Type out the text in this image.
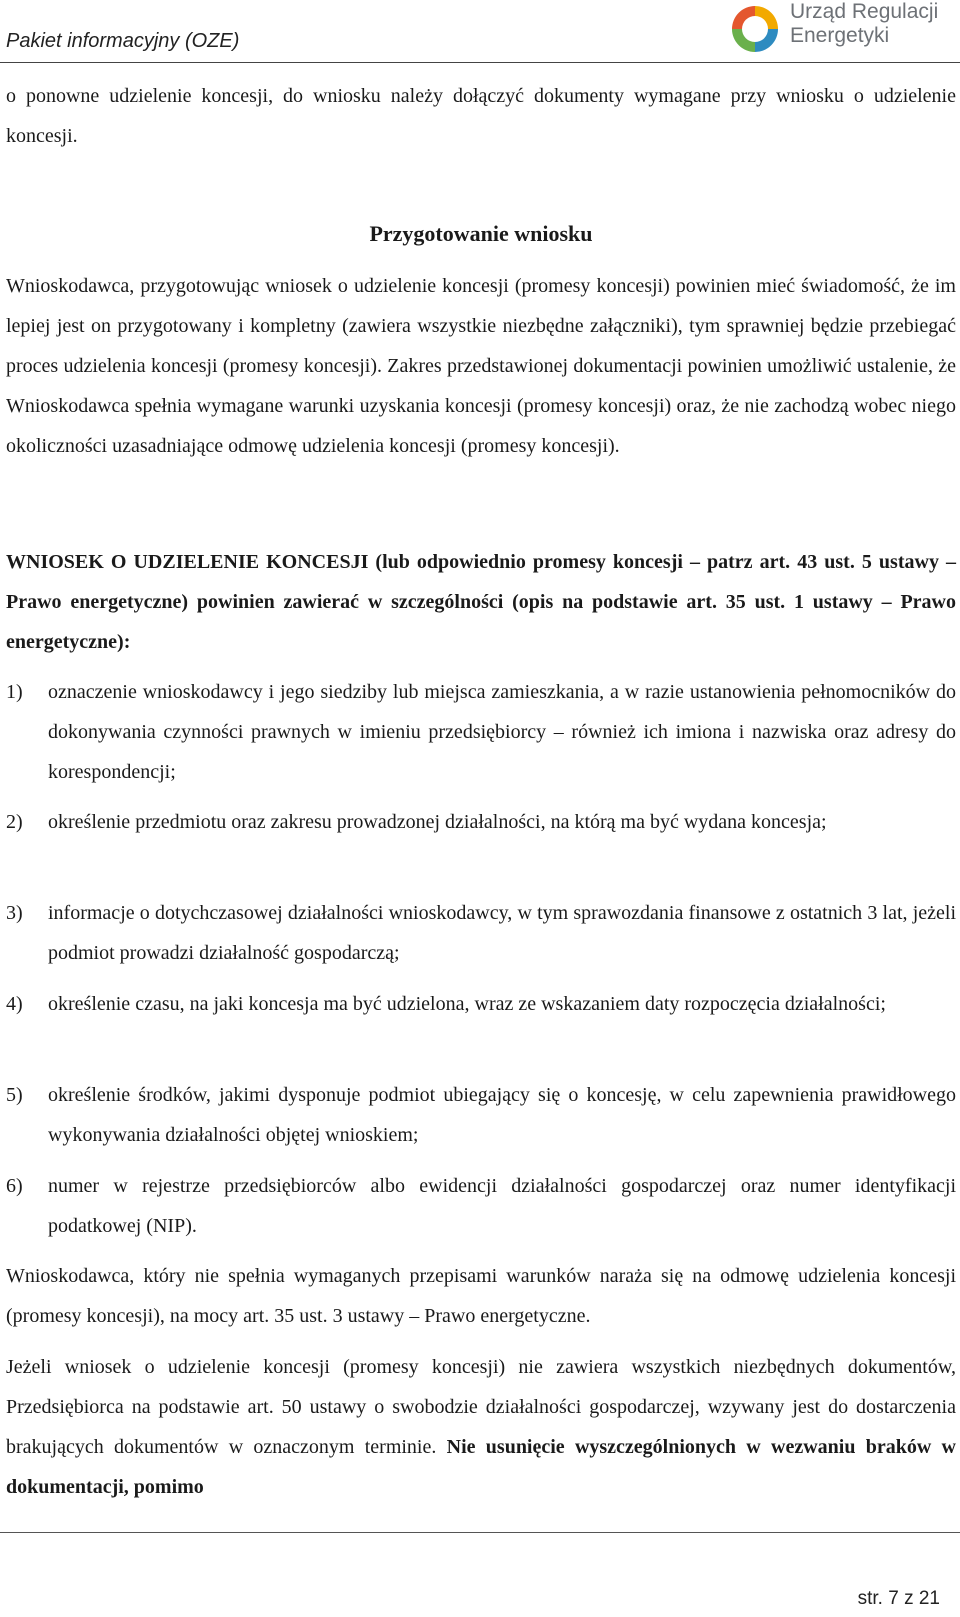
Pakiet informacyjny (OZE)
Urząd Regulacji
Energetyki

o ponowne udzielenie koncesji, do wniosku należy dołączyć dokumenty wymagane przy wniosku o udzielenie koncesji.

Przygotowanie wniosku

Wnioskodawca, przygotowując wniosek o udzielenie koncesji (promesy koncesji) powinien mieć świadomość, że im lepiej jest on przygotowany i kompletny (zawiera wszystkie niezbędne załączniki), tym sprawniej będzie przebiegać proces udzielenia koncesji (promesy koncesji). Zakres przedstawionej dokumentacji powinien umożliwić ustalenie, że Wnioskodawca spełnia wymagane warunki uzyskania koncesji (promesy koncesji) oraz, że nie zachodzą wobec niego okoliczności uzasadniające odmowę udzielenia koncesji (promesy koncesji).

WNIOSEK O UDZIELENIE KONCESJI (lub odpowiednio promesy koncesji – patrz art. 43 ust. 5 ustawy – Prawo energetyczne) powinien zawierać w szczególności (opis na podstawie art. 35 ust. 1 ustawy – Prawo energetyczne):

1) oznaczenie wnioskodawcy i jego siedziby lub miejsca zamieszkania, a w razie ustanowienia pełnomocników do dokonywania czynności prawnych w imieniu przedsiębiorcy – również ich imiona i nazwiska oraz adresy do korespondencji;
2) określenie przedmiotu oraz zakresu prowadzonej działalności, na którą ma być wydana koncesja;
3) informacje o dotychczasowej działalności wnioskodawcy, w tym sprawozdania finansowe z ostatnich 3 lat, jeżeli podmiot prowadzi działalność gospodarczą;
4) określenie czasu, na jaki koncesja ma być udzielona, wraz ze wskazaniem daty rozpoczęcia działalności;
5) określenie środków, jakimi dysponuje podmiot ubiegający się o koncesję, w celu zapewnienia prawidłowego wykonywania działalności objętej wnioskiem;
6) numer w rejestrze przedsiębiorców albo ewidencji działalności gospodarczej oraz numer identyfikacji podatkowej (NIP).

Wnioskodawca, który nie spełnia wymaganych przepisami warunków naraża się na odmowę udzielenia koncesji (promesy koncesji), na mocy art. 35 ust. 3 ustawy – Prawo energetyczne.

Jeżeli wniosek o udzielenie koncesji (promesy koncesji) nie zawiera wszystkich niezbędnych dokumentów, Przedsiębiorca na podstawie art. 50 ustawy o swobodzie działalności gospodarczej, wzywany jest do dostarczenia brakujących dokumentów w oznaczonym terminie. Nie usunięcie wyszczególnionych w wezwaniu braków w dokumentacji, pomimo

str. 7 z 21
